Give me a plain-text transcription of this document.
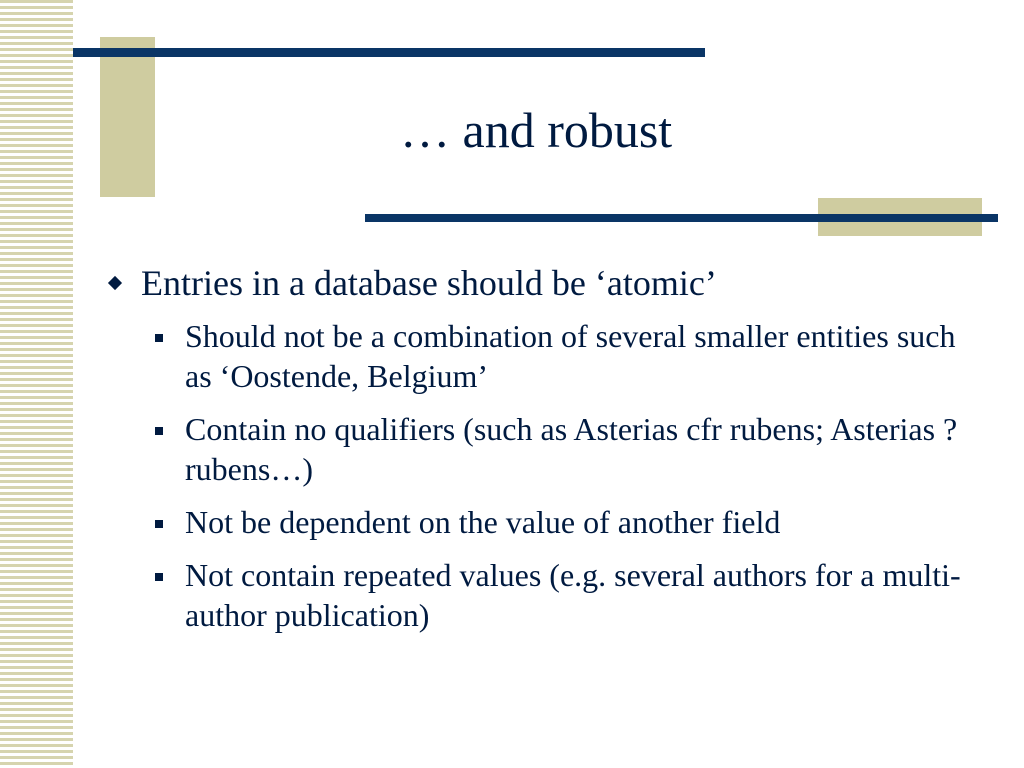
… and robust
Entries in a database should be ‘atomic’
Should not be a combination of several smaller entities such as ‘Oostende, Belgium’
Contain no qualifiers (such as Asterias cfr rubens; Asterias ?rubens…)
Not be dependent on the value of another field
Not contain repeated values (e.g. several authors for a multi-author publication)
